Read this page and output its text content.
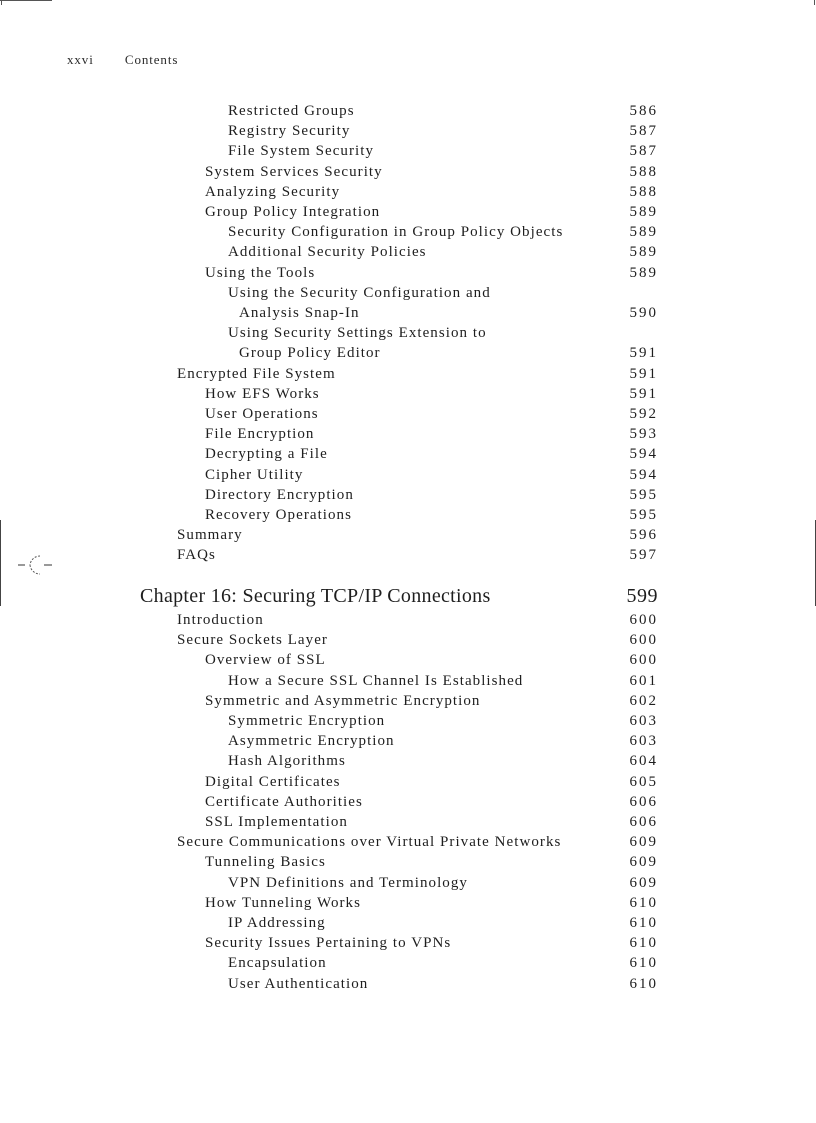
xxvi Contents
Restricted Groups	586
Registry Security	587
File System Security	587
System Services Security	588
Analyzing Security	588
Group Policy Integration	589
Security Configuration in Group Policy Objects	589
Additional Security Policies	589
Using the Tools	589
Using the Security Configuration and
Analysis Snap-In	590
Using Security Settings Extension to
Group Policy Editor	591
Encrypted File System	591
How EFS Works	591
User Operations	592
File Encryption	593
Decrypting a File	594
Cipher Utility	594
Directory Encryption	595
Recovery Operations	595
Summary	596
FAQs	597
Chapter 16: Securing TCP/IP Connections	599
Introduction	600
Secure Sockets Layer	600
Overview of SSL	600
How a Secure SSL Channel Is Established	601
Symmetric and Asymmetric Encryption	602
Symmetric Encryption	603
Asymmetric Encryption	603
Hash Algorithms	604
Digital Certificates	605
Certificate Authorities	606
SSL Implementation	606
Secure Communications over Virtual Private Networks	609
Tunneling Basics	609
VPN Definitions and Terminology	609
How Tunneling Works	610
IP Addressing	610
Security Issues Pertaining to VPNs	610
Encapsulation	610
User Authentication	610
